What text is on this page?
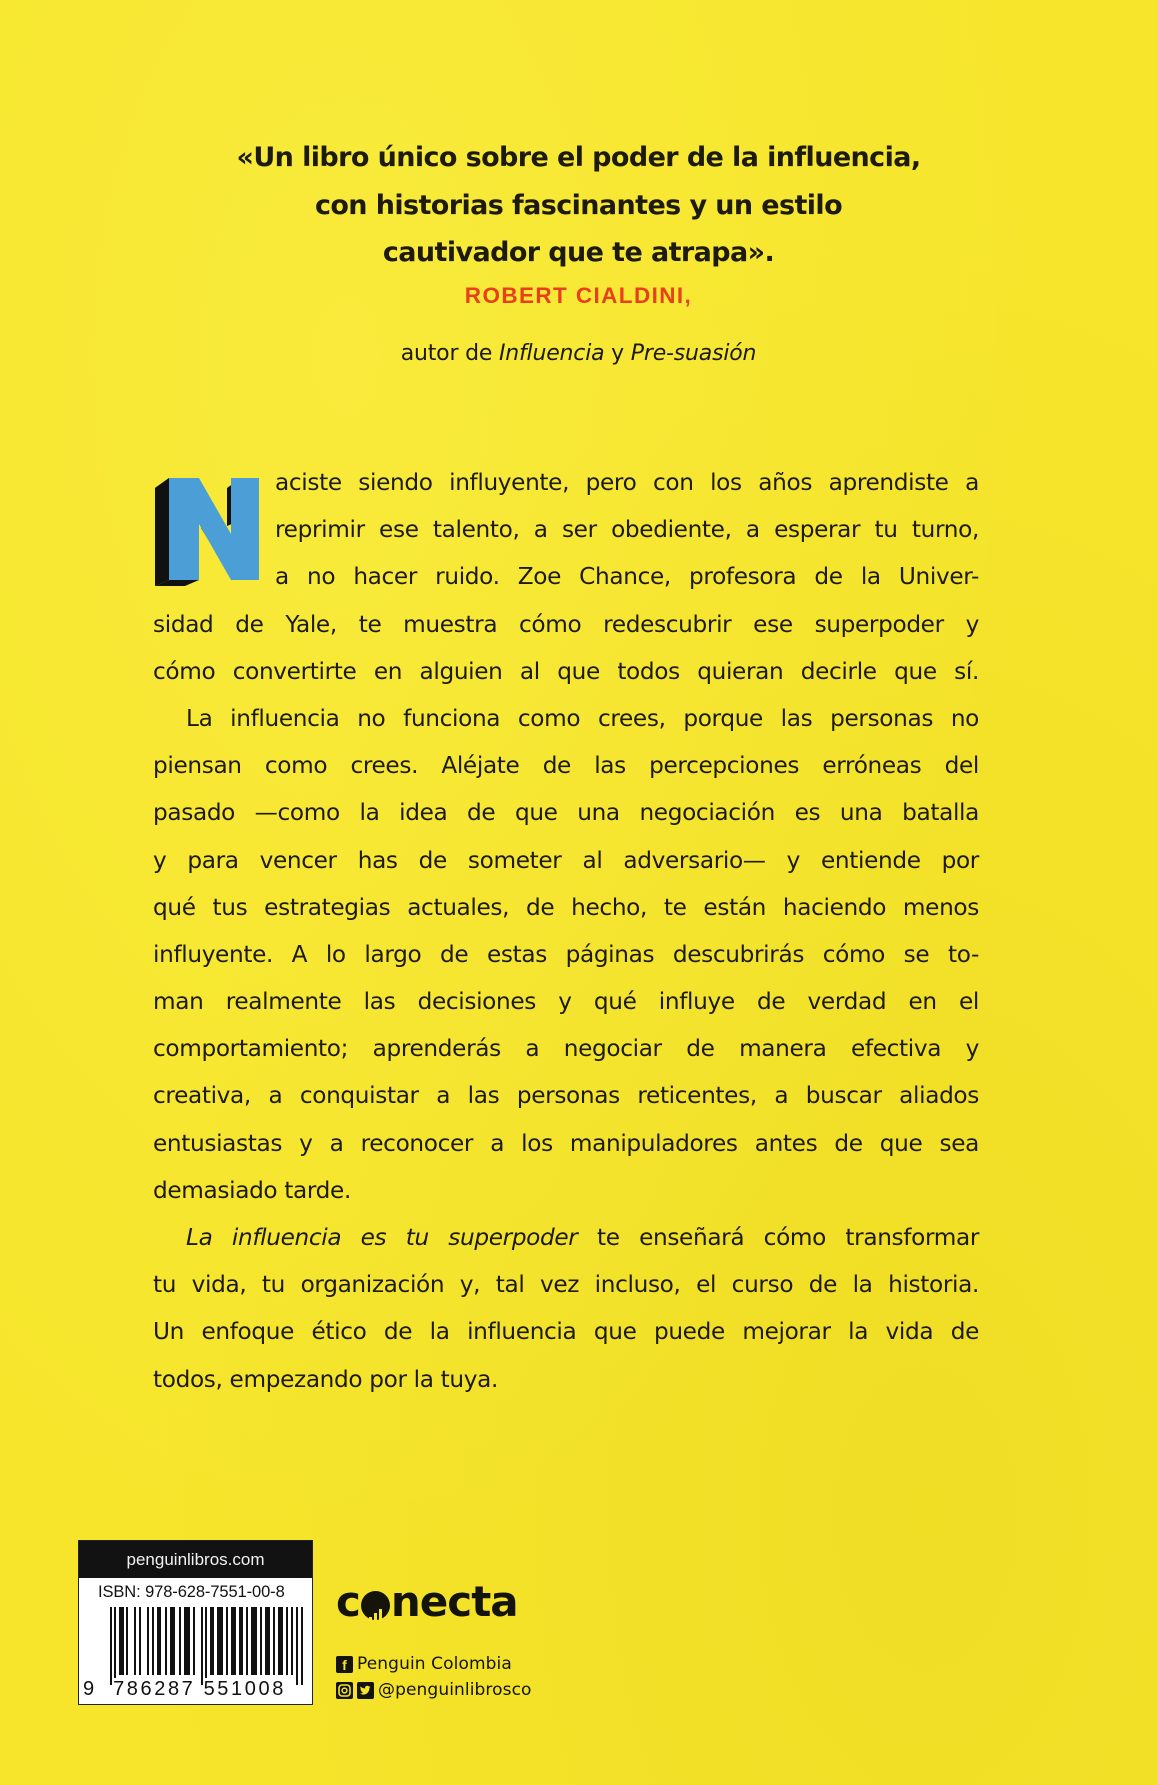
«Un libro único sobre el poder de la influencia,
con historias fascinantes y un estilo
cautivador que te atrapa».
ROBERT CIALDINI,
autor de Influencia y Pre-suasión
aciste siendo influyente, pero con los años aprendiste a
reprimir ese talento, a ser obediente, a esperar tu turno,
a no hacer ruido. Zoe Chance, profesora de la Univer-
sidad de Yale, te muestra cómo redescubrir ese superpoder y
cómo convertirte en alguien al que todos quieran decirle que sí.
La influencia no funciona como crees, porque las personas no
piensan como crees. Aléjate de las percepciones erróneas del
pasado —como la idea de que una negociación es una batalla
y para vencer has de someter al adversario— y entiende por
qué tus estrategias actuales, de hecho, te están haciendo menos
influyente. A lo largo de estas páginas descubrirás cómo se to-
man realmente las decisiones y qué influye de verdad en el
comportamiento; aprenderás a negociar de manera efectiva y
creativa, a conquistar a las personas reticentes, a buscar aliados
entusiastas y a reconocer a los manipuladores antes de que sea
demasiado tarde.
La influencia es tu superpoder te enseñará cómo transformar
tu vida, tu organización y, tal vez incluso, el curso de la historia.
Un enfoque ético de la influencia que puede mejorar la vida de
todos, empezando por la tuya.
penguinlibros.com
ISBN: 978-628-7551-00-8
9 786287 551008
c necta
f Penguin Colombia
@penguinlibrosco
